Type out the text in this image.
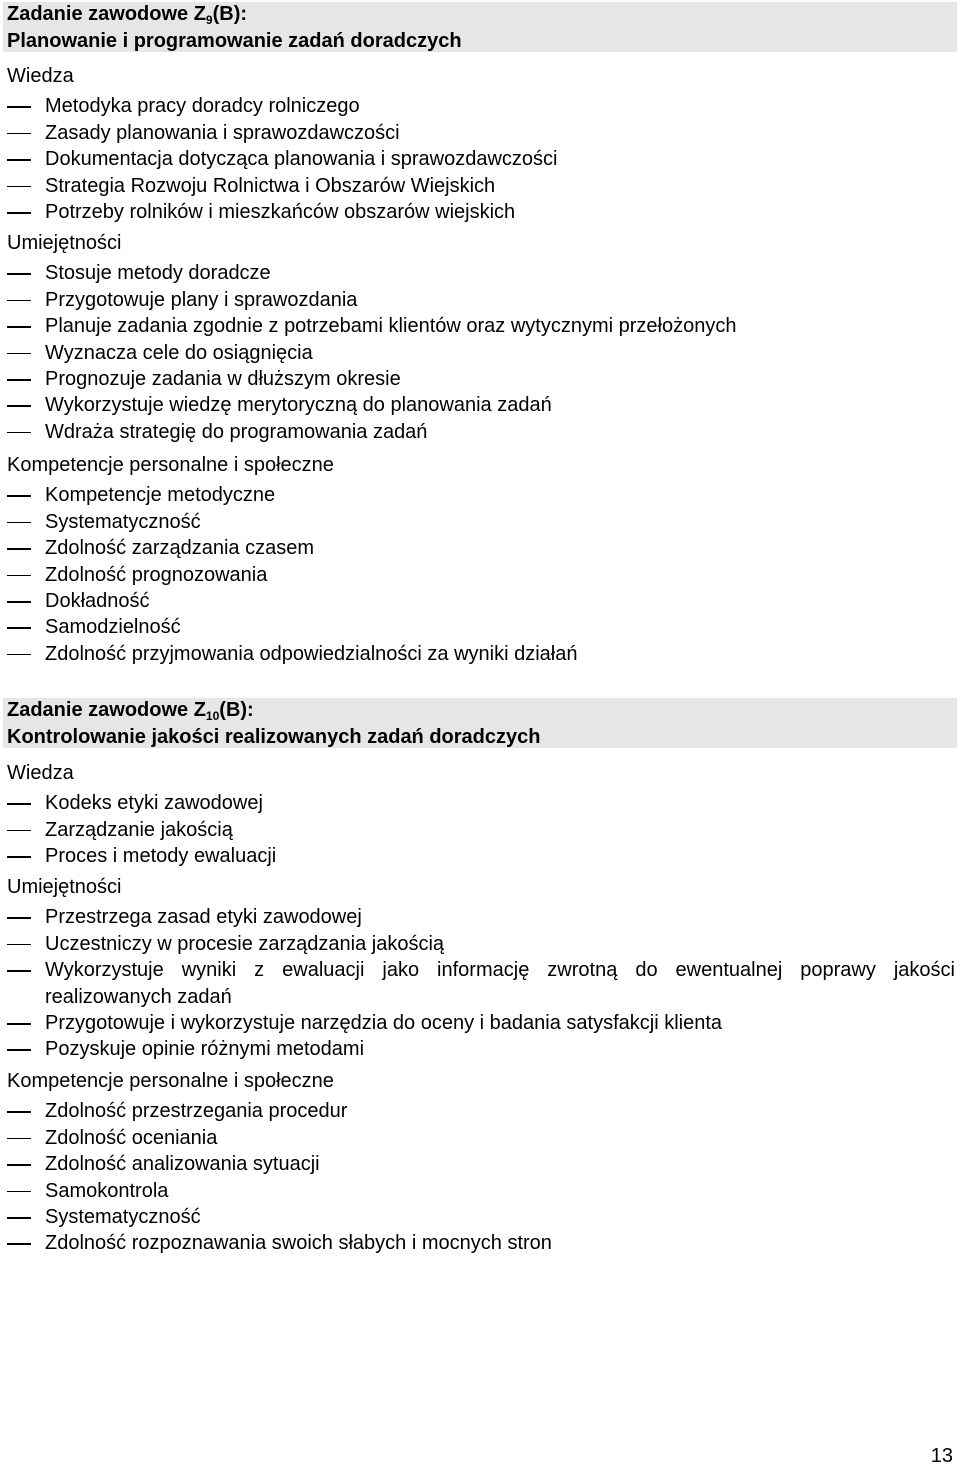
Zadanie zawodowe $Z_9(B)$:
Planowanie i programowanie zadań doradczych
Wiedza
Metodyka pracy doradcy rolniczego
Zasady planowania i sprawozdawczości
Dokumentacja dotycząca planowania i sprawozdawczości
Strategia Rozwoju Rolnictwa i Obszarów Wiejskich
Potrzeby rolników i mieszkańców obszarów wiejskich
Umiejętności
Stosuje metody doradcze
Przygotowuje plany i sprawozdania
Planuje zadania zgodnie z potrzebami klientów oraz wytycznymi przełożonych
Wyznacza cele do osiągnięcia
Prognozuje zadania w dłuższym okresie
Wykorzystuje wiedzę merytoryczną do planowania zadań
Wdraża strategię do programowania zadań
Kompetencje personalne i społeczne
Kompetencje metodyczne
Systematyczność
Zdolność zarządzania czasem
Zdolność prognozowania
Dokładność
Samodzielność
Zdolność przyjmowania odpowiedzialności za wyniki działań
Zadanie zawodowe $Z_{10}(B)$:
Kontrolowanie jakości realizowanych zadań doradczych
Wiedza
Kodeks etyki zawodowej
Zarządzanie jakością
Proces i metody ewaluacji
Umiejętności
Przestrzega zasad etyki zawodowej
Uczestniczy w procesie zarządzania jakością
Wykorzystuje wyniki z ewaluacji jako informację zwrotną do ewentualnej poprawy jakości realizowanych zadań
Przygotowuje i wykorzystuje narzędzia do oceny i badania satysfakcji klienta
Pozyskuje opinie różnymi metodami
Kompetencje personalne i społeczne
Zdolność przestrzegania procedur
Zdolność oceniania
Zdolność analizowania sytuacji
Samokontrola
Systematyczność
Zdolność rozpoznawania swoich słabych i mocnych stron
13
